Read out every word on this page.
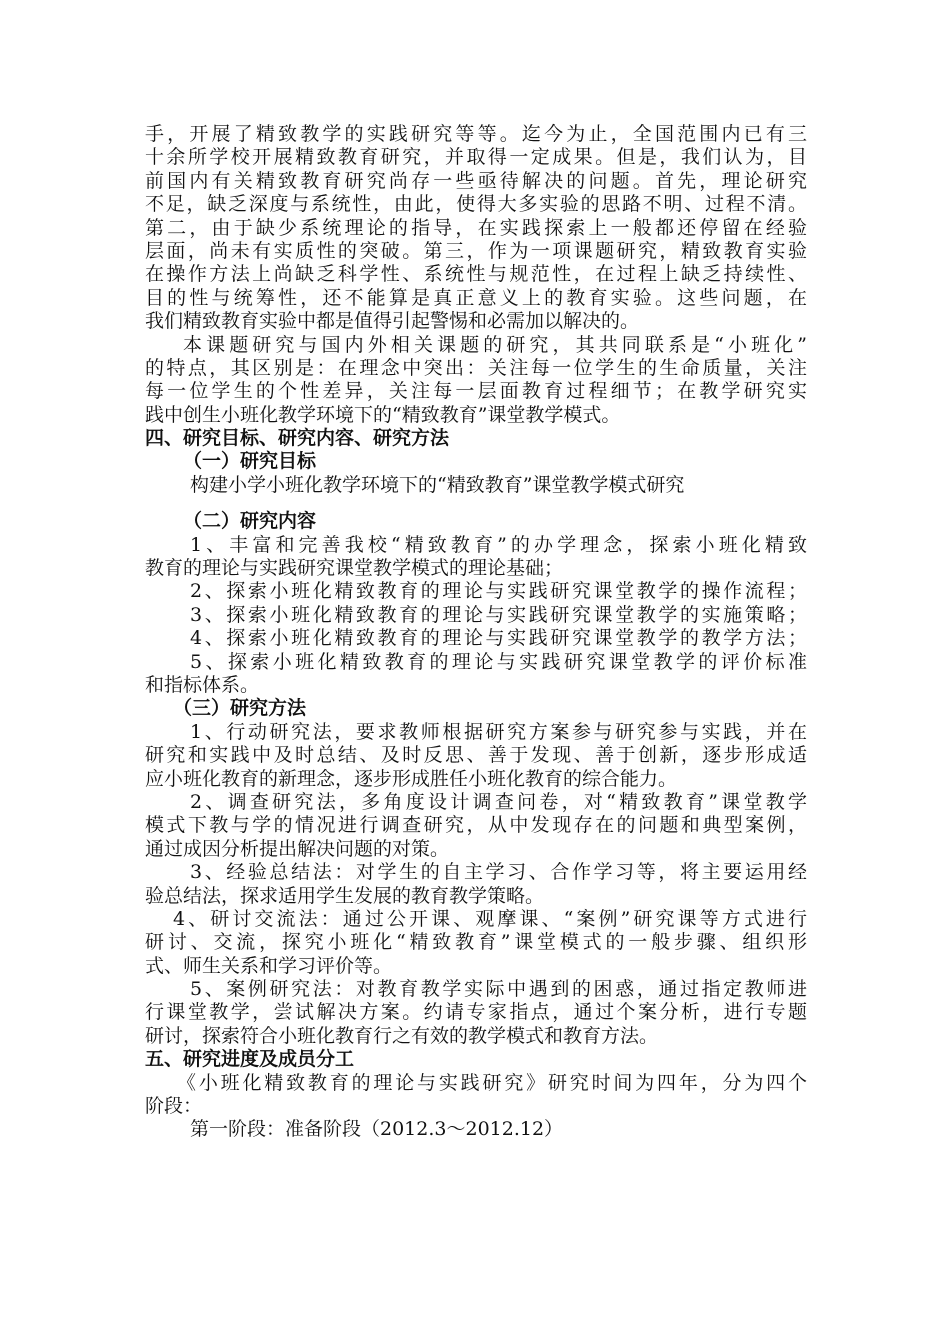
手，开展了精致教学的实践研究等等。迄今为止，全国范围内已有三
十余所学校开展精致教育研究，并取得一定成果。但是，我们认为，目
前国内有关精致教育研究尚存一些亟待解决的问题。首先，理论研究
不足，缺乏深度与系统性，由此，使得大多实验的思路不明、过程不清。
第二，由于缺少系统理论的指导，在实践探索上一般都还停留在经验
层面，尚未有实质性的突破。第三，作为一项课题研究，精致教育实验
在操作方法上尚缺乏科学性、系统性与规范性，在过程上缺乏持续性、
目的性与统筹性，还不能算是真正意义上的教育实验。这些问题，在
我们精致教育实验中都是值得引起警惕和必需加以解决的。
本课题研究与国内外相关课题的研究，其共同联系是“小班化”
的特点，其区别是：在理念中突出：关注每一位学生的生命质量，关注
每一位学生的个性差异，关注每一层面教育过程细节；在教学研究实
践中创生小班化教学环境下的“精致教育”课堂教学模式。
四、研究目标、研究内容、研究方法
（一）研究目标
构建小学小班化教学环境下的“精致教育”课堂教学模式研究
（二）研究内容
1、丰富和完善我校“精致教育”的办学理念，探索小班化精致
教育的理论与实践研究课堂教学模式的理论基础；
2、探索小班化精致教育的理论与实践研究课堂教学的操作流程；
3、探索小班化精致教育的理论与实践研究课堂教学的实施策略；
4、探索小班化精致教育的理论与实践研究课堂教学的教学方法；
5、探索小班化精致教育的理论与实践研究课堂教学的评价标准
和指标体系。
（三）研究方法
1、行动研究法，要求教师根据研究方案参与研究参与实践，并在
研究和实践中及时总结、及时反思、善于发现、善于创新，逐步形成适
应小班化教育的新理念，逐步形成胜任小班化教育的综合能力。
2、调查研究法，多角度设计调查问卷，对“精致教育”课堂教学
模式下教与学的情况进行调查研究，从中发现存在的问题和典型案例，
通过成因分析提出解决问题的对策。
3、经验总结法：对学生的自主学习、合作学习等，将主要运用经
验总结法，探求适用学生发展的教育教学策略。
4、研讨交流法：通过公开课、观摩课、“案例”研究课等方式进行
研讨、交流，探究小班化“精致教育”课堂模式的一般步骤、组织形
式、师生关系和学习评价等。
5、案例研究法：对教育教学实际中遇到的困惑，通过指定教师进
行课堂教学，尝试解决方案。约请专家指点，通过个案分析，进行专题
研讨，探索符合小班化教育行之有效的教学模式和教育方法。
五、研究进度及成员分工
《小班化精致教育的理论与实践研究》研究时间为四年，分为四个
阶段：
第一阶段：准备阶段（2012.3～2012.12）
